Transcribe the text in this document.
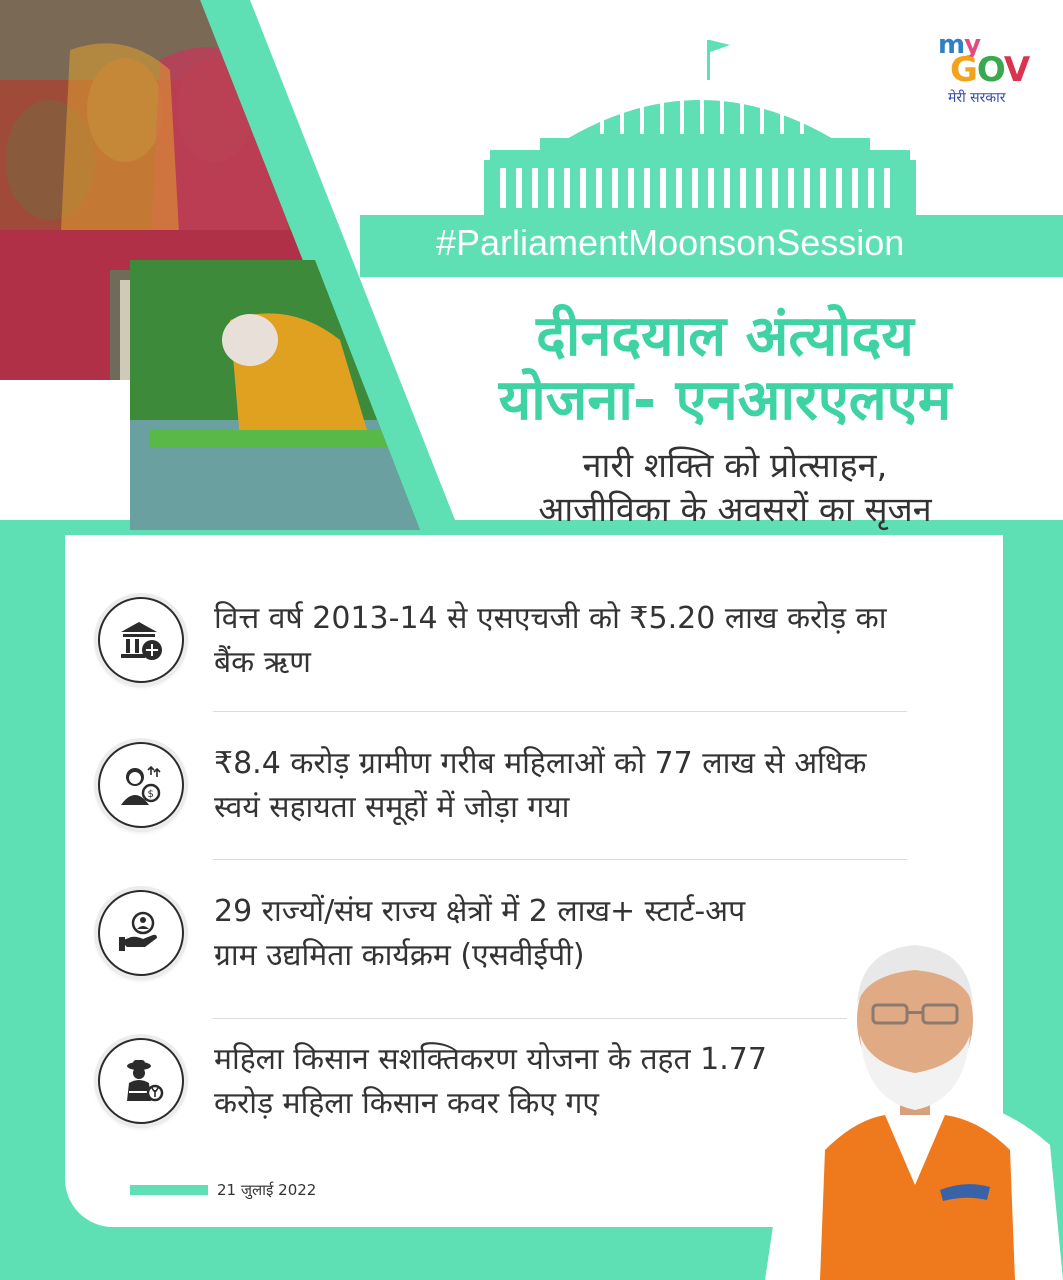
my
GOV
मेरी सरकार
#ParliamentMoonsonSession
दीनदयाल अंत्योदय
योजना- एनआरएलएम
नारी शक्ति को प्रोत्साहन,
आजीविका के अवसरों का सृजन
वित्त वर्ष 2013-14 से एसएचजी को ₹5.20 लाख करोड़ का
बैंक ऋण
$
₹8.4 करोड़ ग्रामीण गरीब महिलाओं को 77 लाख से अधिक
स्वयं सहायता समूहों में जोड़ा गया
29 राज्यों/संघ राज्य क्षेत्रों में 2 लाख+ स्टार्ट-अप
ग्राम उद्यमिता कार्यक्रम (एसवीईपी)
महिला किसान सशक्तिकरण योजना के तहत 1.77
करोड़ महिला किसान कवर किए गए
21 जुलाई 2022
